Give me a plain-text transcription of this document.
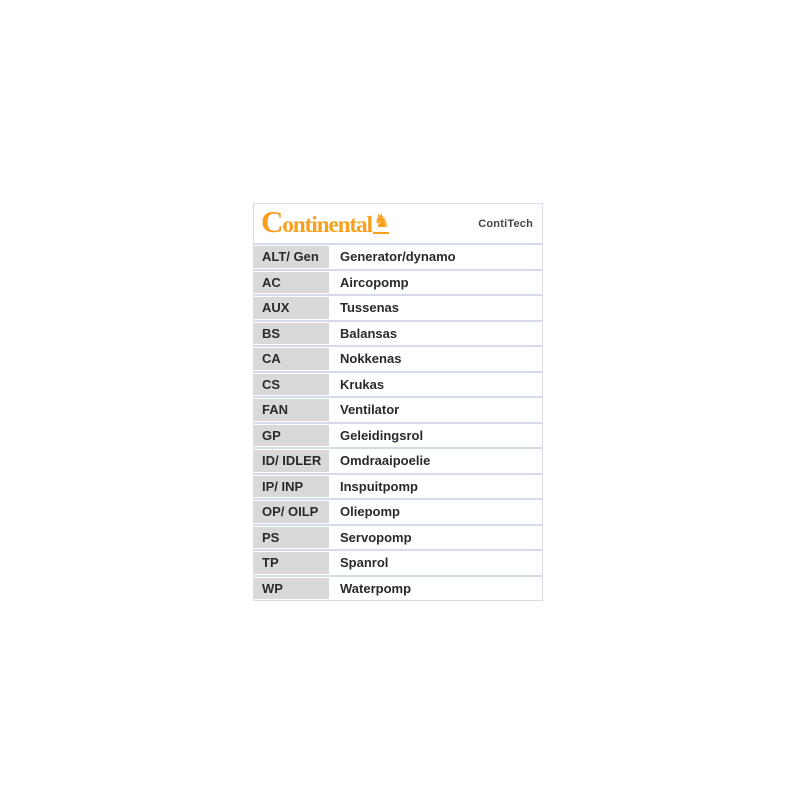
Continental ♞	ContiTech
ALT/ Gen	Generator/dynamo
AC	Aircopomp
AUX	Tussenas
BS	Balansas
CA	Nokkenas
CS	Krukas
FAN	Ventilator
GP	Geleidingsrol
ID/ IDLER	Omdraaipoelie
IP/ INP	Inspuitpomp
OP/ OILP	Oliepomp
PS	Servopomp
TP	Spanrol
WP	Waterpomp
